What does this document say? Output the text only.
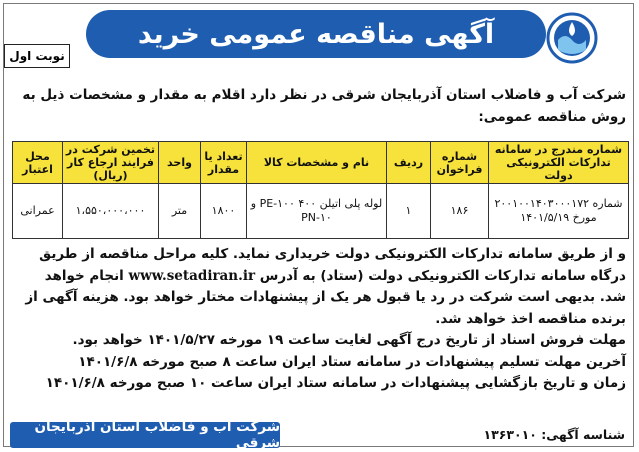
آگهی مناقصه عمومی خرید
نوبت اول
شرکت آب و فاضلاب استان آذربایجان شرقی در نظر دارد اقلام به مقدار و مشخصات ذیل به روش مناقصه عمومی:
شماره مندرج در سامانه تدارکات الکترونیکی دولت	شماره فراخوان	ردیف	نام و مشخصات کالا	تعداد یا مقدار	واحد	تخمین شرکت در فرایند ارجاع کار (ریال)	محل اعتبار
شماره ۲۰۰۱۰۰۱۴۰۳۰۰۰۱۷۲ مورخ ۱۴۰۱/۵/۱۹	۱۸۶	۱	لوله پلی اتیلن ۴۰۰ PE-۱۰۰ و PN-۱۰	۱۸۰۰	متر	۱،۵۵۰،۰۰۰،۰۰۰	عمرانی

و از طریق سامانه تدارکات الکترونیکی دولت خریداری نماید. کلیه مراحل مناقصه از طریق درگاه سامانه تدارکات الکترونیکی دولت (ستاد) به آدرس www.setadiran.ir انجام خواهد شد. بدیهی است شرکت در رد یا قبول هر یک از پیشنهادات مختار خواهد بود. هزینه آگهی از برنده مناقصه اخذ خواهد شد.

مهلت فروش اسناد از تاریخ درج آگهی لغایت ساعت ۱۹ مورخه ۱۴۰۱/۵/۲۷ خواهد بود.

آخرین مهلت تسلیم پیشنهادات در سامانه ستاد ایران ساعت ۸ صبح مورخه ۱۴۰۱/۶/۸

زمان و تاریخ بازگشایی پیشنهادات در سامانه ستاد ایران ساعت ۱۰ صبح مورخه ۱۴۰۱/۶/۸

شرکت آب و فاضلاب استان آذربایجان شرقی
شناسه آگهی: ۱۳۶۳۰۱۰
